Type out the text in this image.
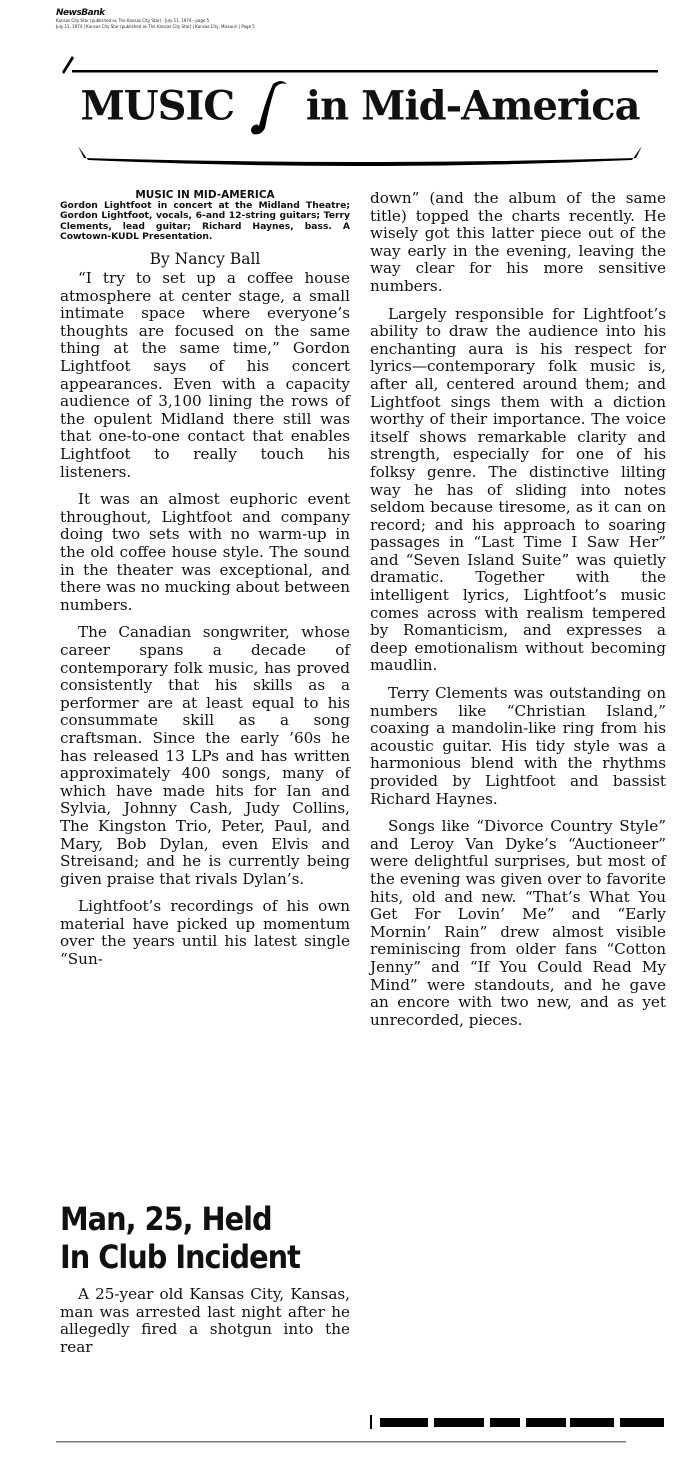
NewsBank
Kansas City Star (published as The Kansas City Star) - July 11, 1974 - page 5
July 11, 1974 | Kansas City Star (published as The Kansas City Star) | Kansas City, Missouri | Page 5
MUSIC in Mid-America
MUSIC IN MID-AMERICA
Gordon Lightfoot in concert at the Midland Theatre; Gordon Lightfoot, vocals, 6-and 12-string guitars; Terry Clements, lead guitar; Richard Haynes, bass. A Cowtown-KUDL Presentation.
By Nancy Ball

“I try to set up a coffee house atmosphere at center stage, a small intimate space where everyone’s thoughts are focused on the same thing at the same time,” Gordon Lightfoot says of his concert appearances. Even with a capacity audience of 3,100 lining the rows of the opulent Midland there still was that one-to-one contact that enables Lightfoot to really touch his listeners.

It was an almost euphoric event throughout, Lightfoot and company doing two sets with no warm-up in the old coffee house style. The sound in the theater was exceptional, and there was no mucking about between numbers.

The Canadian songwriter, whose career spans a decade of contemporary folk music, has proved consistently that his skills as a performer are at least equal to his consummate skill as a song craftsman. Since the early ’60s he has released 13 LPs and has written approximately 400 songs, many of which have made hits for Ian and Sylvia, Johnny Cash, Judy Collins, The Kingston Trio, Peter, Paul, and Mary, Bob Dylan, even Elvis and Streisand; and he is currently being given praise that rivals Dylan’s.

Lightfoot’s recordings of his own material have picked up momentum over the years until his latest single “Sun-

down” (and the album of the same title) topped the charts recently. He wisely got this latter piece out of the way early in the evening, leaving the way clear for his more sensitive numbers.

Largely responsible for Lightfoot’s ability to draw the audience into his enchanting aura is his respect for lyrics—contemporary folk music is, after all, centered around them; and Lightfoot sings them with a diction worthy of their importance. The voice itself shows remarkable clarity and strength, especially for one of his folksy genre. The distinctive lilting way he has of sliding into notes seldom because tiresome, as it can on record; and his approach to soaring passages in “Last Time I Saw Her” and “Seven Island Suite” was quietly dramatic. Together with the intelligent lyrics, Lightfoot’s music comes across with realism tempered by Romanticism, and expresses a deep emotionalism without becoming maudlin.

Terry Clements was outstanding on numbers like “Christian Island,” coaxing a mandolin-like ring from his acoustic guitar. His tidy style was a harmonious blend with the rhythms provided by Lightfoot and bassist Richard Haynes.

Songs like “Divorce Country Style” and Leroy Van Dyke’s “Auctioneer” were delightful surprises, but most of the evening was given over to favorite hits, old and new. “That’s What You Get For Lovin’ Me” and “Early Mornin’ Rain” drew almost visible reminiscing from older fans “Cotton Jenny” and “If You Could Read My Mind” were standouts, and he gave an encore with two new, and as yet unrecorded, pieces.

Man, 25, Held
In Club Incident

A 25-year old Kansas City, Kansas, man was arrested last night after he allegedly fired a shotgun into the rear
